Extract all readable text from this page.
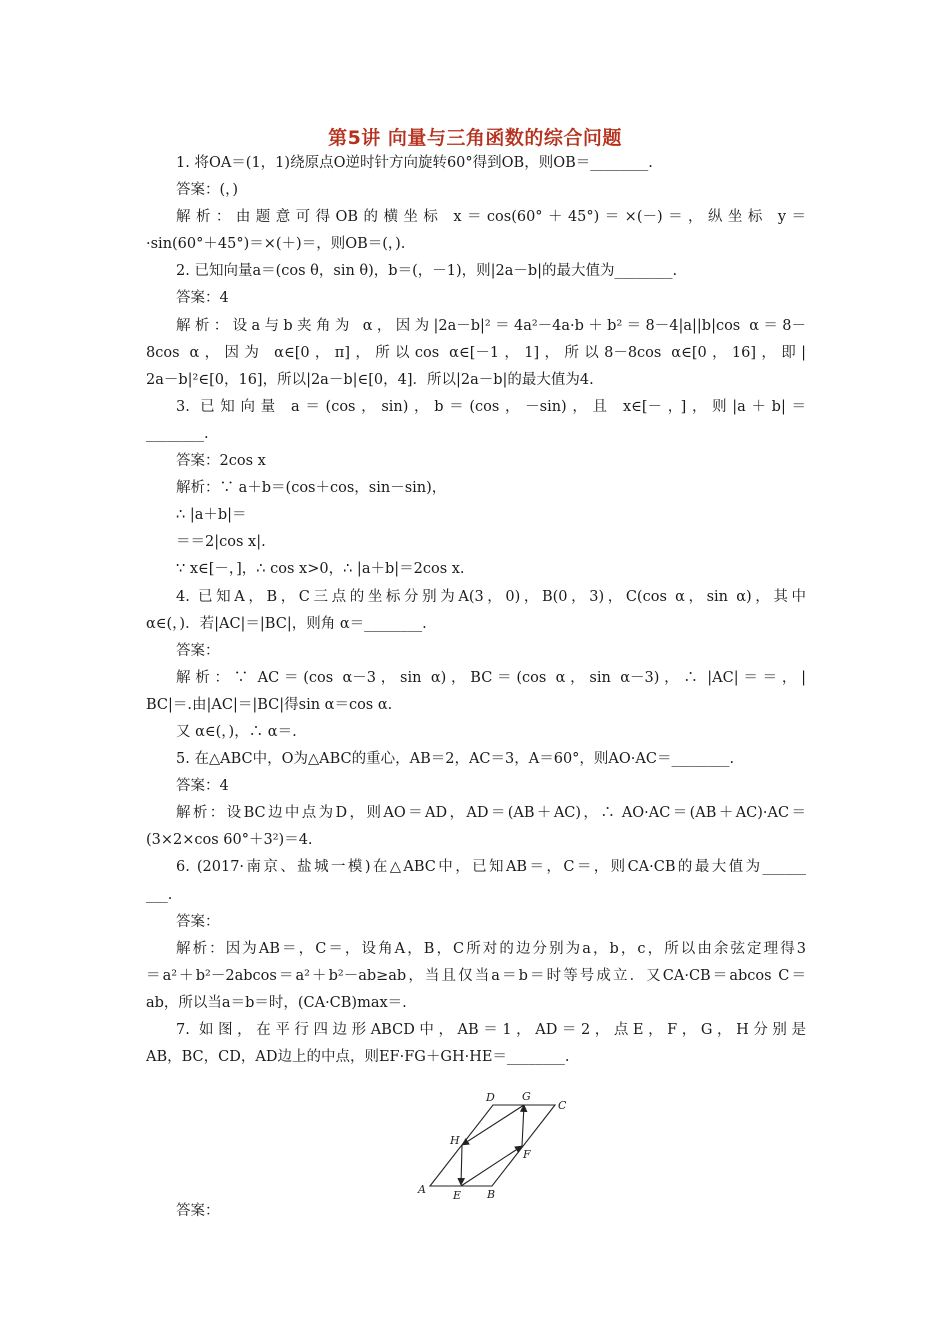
第5讲 向量与三角函数的综合问题
1. 将OA＝(1，1)绕原点O逆时针方向旋转60°得到OB，则OB＝________.
答案：(，)
解析：由题意可得OB的横坐标 x＝cos(60°＋45°)＝×(－)＝，纵坐标 y＝
·sin(60°＋45°)＝×(＋)＝，则OB＝(，).
2. 已知向量a＝(cos θ，sin θ)，b＝(，－1)，则|2a－b|的最大值为________.
答案：4
解析：设a与b夹角为 α，因为|2a－b|²＝4a²－4a·b＋b²＝8－4|a||b|cos α＝8－
8cos α，因为 α∈[0，π]，所以cos α∈[－1，1]，所以8－8cos α∈[0，16]，即|
2a－b|²∈[0，16]，所以|2a－b|∈[0，4]．所以|2a－b|的最大值为4.
3. 已知向量 a＝(cos，sin)，b＝(cos，－sin)，且 x∈[－，]，则|a＋b|＝
________.
答案：2cos x
解析：∵ a＋b＝(cos＋cos，sin－sin)，
∴ |a＋b|＝
＝＝2|cos x|.
∵ x∈[－，]，∴ cos x>0，∴ |a＋b|＝2cos x.
4. 已知A，B，C三点的坐标分别为A(3，0)，B(0，3)，C(cos α，sin α)，其中
α∈(，)．若|AC|＝|BC|，则角 α＝________.
答案：
解析：∵ AC＝(cos α－3，sin α)，BC＝(cos α，sin α－3)，∴ |AC|＝＝，|
BC|＝.由|AC|＝|BC|得sin α＝cos α.
又 α∈(，)，∴ α＝.
5. 在△ABC中，O为△ABC的重心，AB＝2，AC＝3，A＝60°，则AO·AC＝________.
答案：4
解析：设BC边中点为D，则AO＝AD，AD＝(AB＋AC)，∴ AO·AC＝(AB＋AC)·AC＝
(3×2×cos 60°＋3²)＝4.
6. (2017·南京、盐城一模)在△ABC中，已知AB＝，C＝，则CA·CB的最大值为______
___.
答案：
解析：因为AB＝，C＝，设角A，B，C所对的边分别为a，b，c，所以由余弦定理得3
＝a²＋b²－2abcos＝a²＋b²－ab≥ab，当且仅当a＝b＝时等号成立．又CA·CB＝abcos C＝
ab，所以当a＝b＝时，(CA·CB)max＝.
7. 如图，在平行四边形ABCD中，AB＝1，AD＝2，点E，F，G，H分别是
AB，BC，CD，AD边上的中点，则EF·FG＋GH·HE＝________.
A	B
C
D
E
F
G
H
答案：
